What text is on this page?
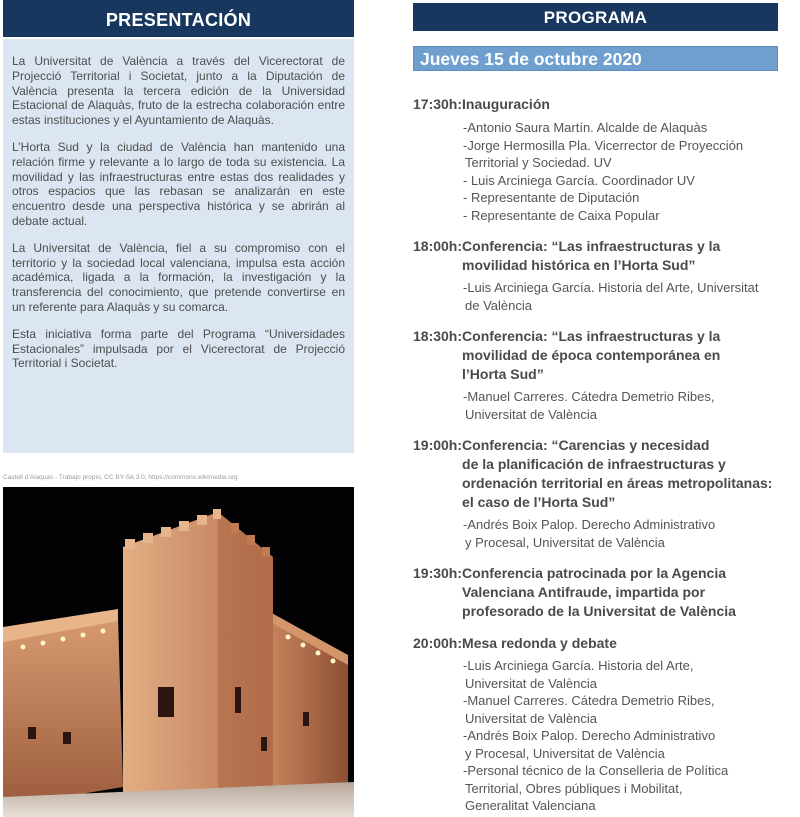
PRESENTACIÓN

La Universitat de València a través del Vicerectorat de Projecció Territorial i Societat, junto a la Diputación de València presenta la tercera edición de la Universidad Estacional de Alaquàs, fruto de la estrecha colaboración entre estas instituciones y el Ayuntamiento de Alaquàs.

L’Horta Sud y la ciudad de València han mantenido una relación firme y relevante a lo largo de toda su existencia. La movilidad y las infraestructuras entre estas dos realidades y otros espacios que las rebasan se analizarán en este encuentro desde una perspectiva histórica y se abrirán al debate actual.

La Universitat de València, fiel a su compromiso con el territorio y la sociedad local valenciana, impulsa esta acción académica, ligada a la formación, la investigación y la transferencia del conocimiento, que pretende convertirse en un referente para Alaquàs y su comarca.

Esta iniciativa forma parte del Programa “Universidades Estacionales” impulsada por el Vicerectorat de Projecció Territorial i Societat.

Castell d’Alaquas - Trabajo propio, CC BY-SA 3.0, https://commons.wikimedia.org
PROGRAMA
Jueves 15 de octubre 2020
17:30h: Inauguración
-Antonio Saura Martín. Alcalde de Alaquàs
-Jorge Hermosilla Pla. Vicerrector de Proyección
Territorial y Sociedad. UV
- Luis Arciniega García. Coordinador UV
- Representante de Diputación
- Representante de Caixa Popular
18:00h: Conferencia: “Las infraestructuras y la
movilidad histórica en l’Horta Sud”
-Luis Arciniega García. Historia del Arte, Universitat
de València
18:30h: Conferencia: “Las infraestructuras y la
movilidad de época contemporánea en
l’Horta Sud”
-Manuel Carreres. Cátedra Demetrio Ribes,
Universitat de València
19:00h: Conferencia: “Carencias y necesidad
de la planificación de infraestructuras y
ordenación territorial en áreas metropolitanas:
el caso de l’Horta Sud”
-Andrés Boix Palop. Derecho Administrativo
y Procesal, Universitat de València
19:30h: Conferencia patrocinada por la Agencia
Valenciana Antifraude, impartida por
profesorado de la Universitat de València
20:00h: Mesa redonda y debate
-Luis Arciniega García. Historia del Arte,
Universitat de València
-Manuel Carreres. Cátedra Demetrio Ribes,
Universitat de València
-Andrés Boix Palop. Derecho Administrativo
y Procesal, Universitat de València
-Personal técnico de la Conselleria de Política
Territorial, Obres públiques i Mobilitat,
Generalitat Valenciana
